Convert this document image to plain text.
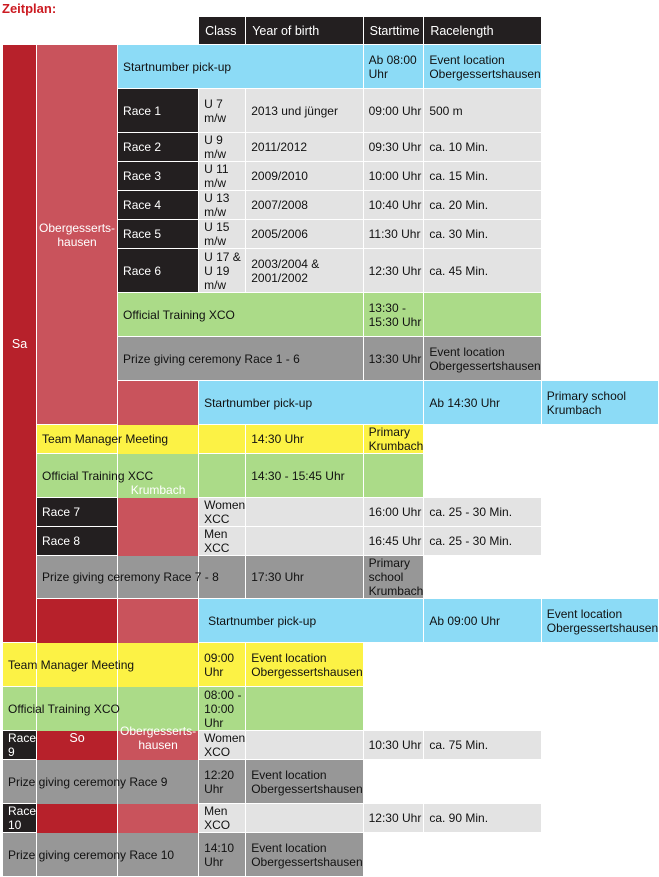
Zeitplan:
			Class	Year of birth	Starttime	Racelength	
Sa	Obergesserts-hausen	Startnumber pick-up			Ab 08:00 Uhr	Event location Obergessertshausen	
		Race 1	U 7 m/w	2013 und jünger	09:00 Uhr	500 m	
		Race 2	U 9 m/w	2011/2012	09:30 Uhr	ca. 10 Min.	
		Race 3	U 11 m/w	2009/2010	10:00 Uhr	ca. 15 Min.	
		Race 4	U 13 m/w	2007/2008	10:40 Uhr	ca. 20 Min.	
		Race 5	U 15 m/w	2005/2006	11:30 Uhr	ca. 30 Min.	
		Race 6	U 17 & U 19 m/w	2003/2004 & 2001/2002	12:30 Uhr	ca. 45 Min.	
		Official Training XCO			13:30 - 15:30 Uhr		
		Prize giving ceremony Race 1 - 6			13:30 Uhr	Event location Obergessertshausen	
		Krumbach	Startnumber pick-up			Ab 14:30 Uhr	Primary school Krumbach
	Team Manager Meeting			14:30 Uhr	Primary Krumbach		
	Official Training XCC			14:30 - 15:45 Uhr			
	Race 7		Women XCC		16:00 Uhr	ca. 25 - 30 Min.	
	Race 8		Men XCC		16:45 Uhr	ca. 25 - 30 Min.	
	Prize giving ceremony Race 7 - 8			17:30 Uhr	Primary school Krumbach		
	So	Obergesserts-hausen	Startnumber pick-up			Ab 09:00 Uhr	Event location Obergessertshausen
Team Manager Meeting			09:00 Uhr	Event location Obergessertshausen			
Official Training XCO			08:00 - 10:00 Uhr				
Race 9			Women XCO		10:30 Uhr	ca. 75 Min.	
Prize giving ceremony Race 9			12:20 Uhr	Event location Obergessertshausen			
Race 10			Men XCO		12:30 Uhr	ca. 90 Min.	
Prize giving ceremony Race 10			14:10 Uhr	Event location Obergessertshausen			
